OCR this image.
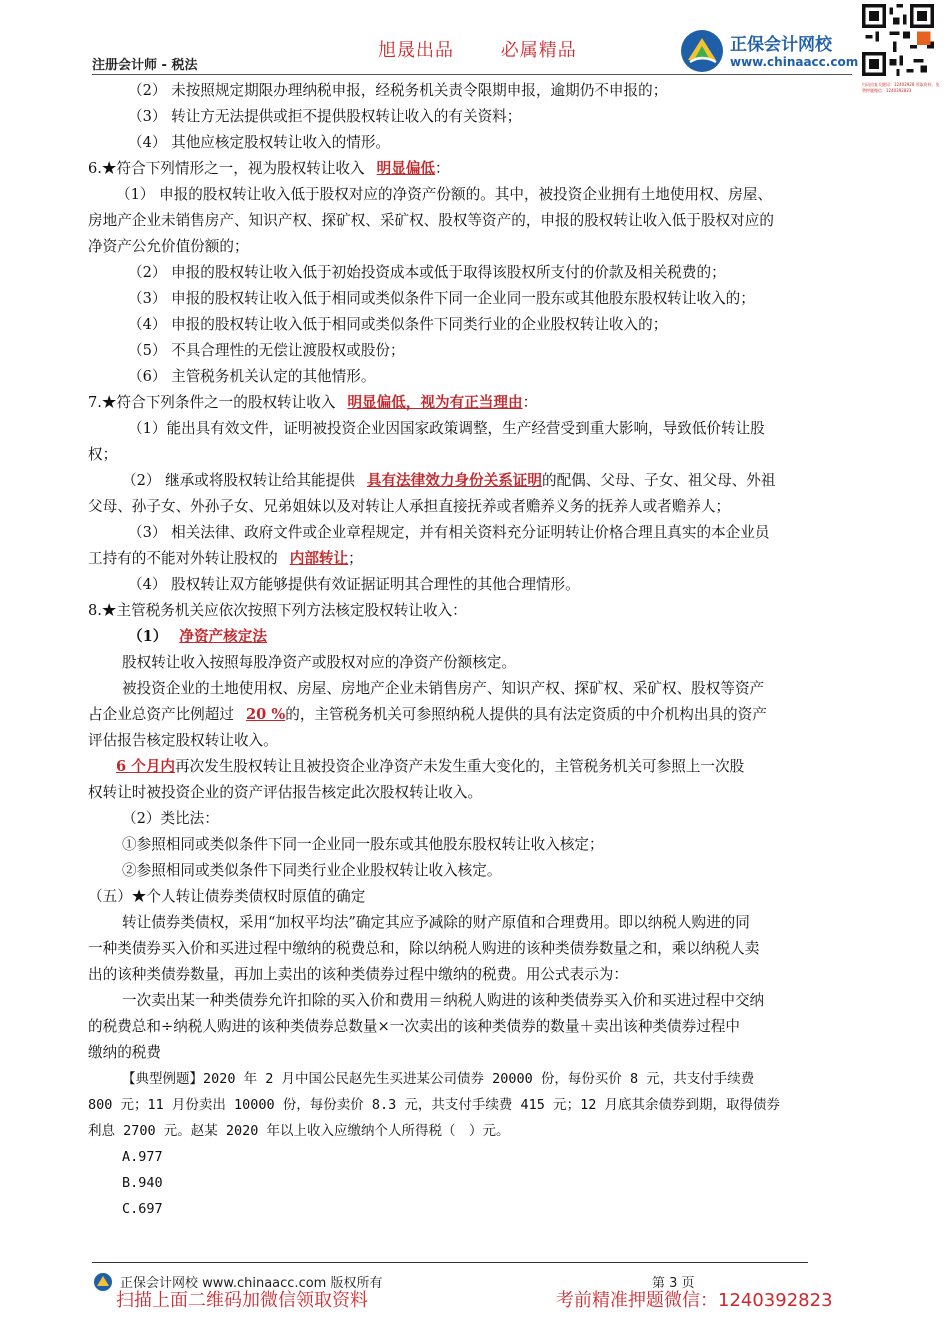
旭晟出品	必属精品
注册会计师 - 税法
正保会计网校
www.chinaacc.com
扫码回复关键词：12403928 领取资料、免费押题微信：1240392823
（2） 未按照规定期限办理纳税申报，经税务机关责令限期申报，逾期仍不申报的；
（3） 转让方无法提供或拒不提供股权转让收入的有关资料；
（4） 其他应核定股权转让收入的情形。
6.★符合下列情形之一，视为股权转让收入 明显偏低：
（1） 申报的股权转让收入低于股权对应的净资产份额的。其中，被投资企业拥有土地使用权、房屋、
房地产企业未销售房产、知识产权、探矿权、采矿权、股权等资产的，申报的股权转让收入低于股权对应的
净资产公允价值份额的；
（2） 申报的股权转让收入低于初始投资成本或低于取得该股权所支付的价款及相关税费的；
（3） 申报的股权转让收入低于相同或类似条件下同一企业同一股东或其他股东股权转让收入的；
（4） 申报的股权转让收入低于相同或类似条件下同类行业的企业股权转让收入的；
（5） 不具合理性的无偿让渡股权或股份；
（6） 主管税务机关认定的其他情形。
7.★符合下列条件之一的股权转让收入 明显偏低，视为有正当理由：
（1）能出具有效文件，证明被投资企业因国家政策调整，生产经营受到重大影响，导致低价转让股
权；
（2） 继承或将股权转让给其能提供 具有法律效力身份关系证明的配偶、父母、子女、祖父母、外祖
父母、孙子女、外孙子女、兄弟姐妹以及对转让人承担直接抚养或者赡养义务的抚养人或者赡养人；
（3） 相关法律、政府文件或企业章程规定，并有相关资料充分证明转让价格合理且真实的本企业员
工持有的不能对外转让股权的 内部转让；
（4） 股权转让双方能够提供有效证据证明其合理性的其他合理情形。
8.★主管税务机关应依次按照下列方法核定股权转让收入：
（1） 净资产核定法
股权转让收入按照每股净资产或股权对应的净资产份额核定。
被投资企业的土地使用权、房屋、房地产企业未销售房产、知识产权、探矿权、采矿权、股权等资产
占企业总资产比例超过 20 %的，主管税务机关可参照纳税人提供的具有法定资质的中介机构出具的资产
评估报告核定股权转让收入。
6 个月内再次发生股权转让且被投资企业净资产未发生重大变化的，主管税务机关可参照上一次股
权转让时被投资企业的资产评估报告核定此次股权转让收入。
（2）类比法：
①参照相同或类似条件下同一企业同一股东或其他股东股权转让收入核定；
②参照相同或类似条件下同类行业企业股权转让收入核定。
（五）★个人转让债券类债权时原值的确定
转让债券类债权，采用“加权平均法”确定其应予减除的财产原值和合理费用。即以纳税人购进的同
一种类债券买入价和买进过程中缴纳的税费总和，除以纳税人购进的该种类债券数量之和，乘以纳税人卖
出的该种类债券数量，再加上卖出的该种类债券过程中缴纳的税费。用公式表示为：
一次卖出某一种类债券允许扣除的买入价和费用＝纳税人购进的该种类债券买入价和买进过程中交纳
的税费总和÷纳税人购进的该种类债券总数量×一次卖出的该种类债券的数量＋卖出该种类债券过程中
缴纳的税费
【典型例题】2020 年 2 月中国公民赵先生买进某公司债券 20000 份，每份买价 8 元，共支付手续费
800 元；11 月份卖出 10000 份，每份卖价 8.3 元，共支付手续费 415 元；12 月底其余债券到期，取得债券
利息 2700 元。赵某 2020 年以上收入应缴纳个人所得税（　）元。
A.977
B.940
C.697
正保会计网校 www.chinaacc.com 版权所有	第 3 页
扫描上面二维码加微信领取资料	考前精准押题微信：1240392823
